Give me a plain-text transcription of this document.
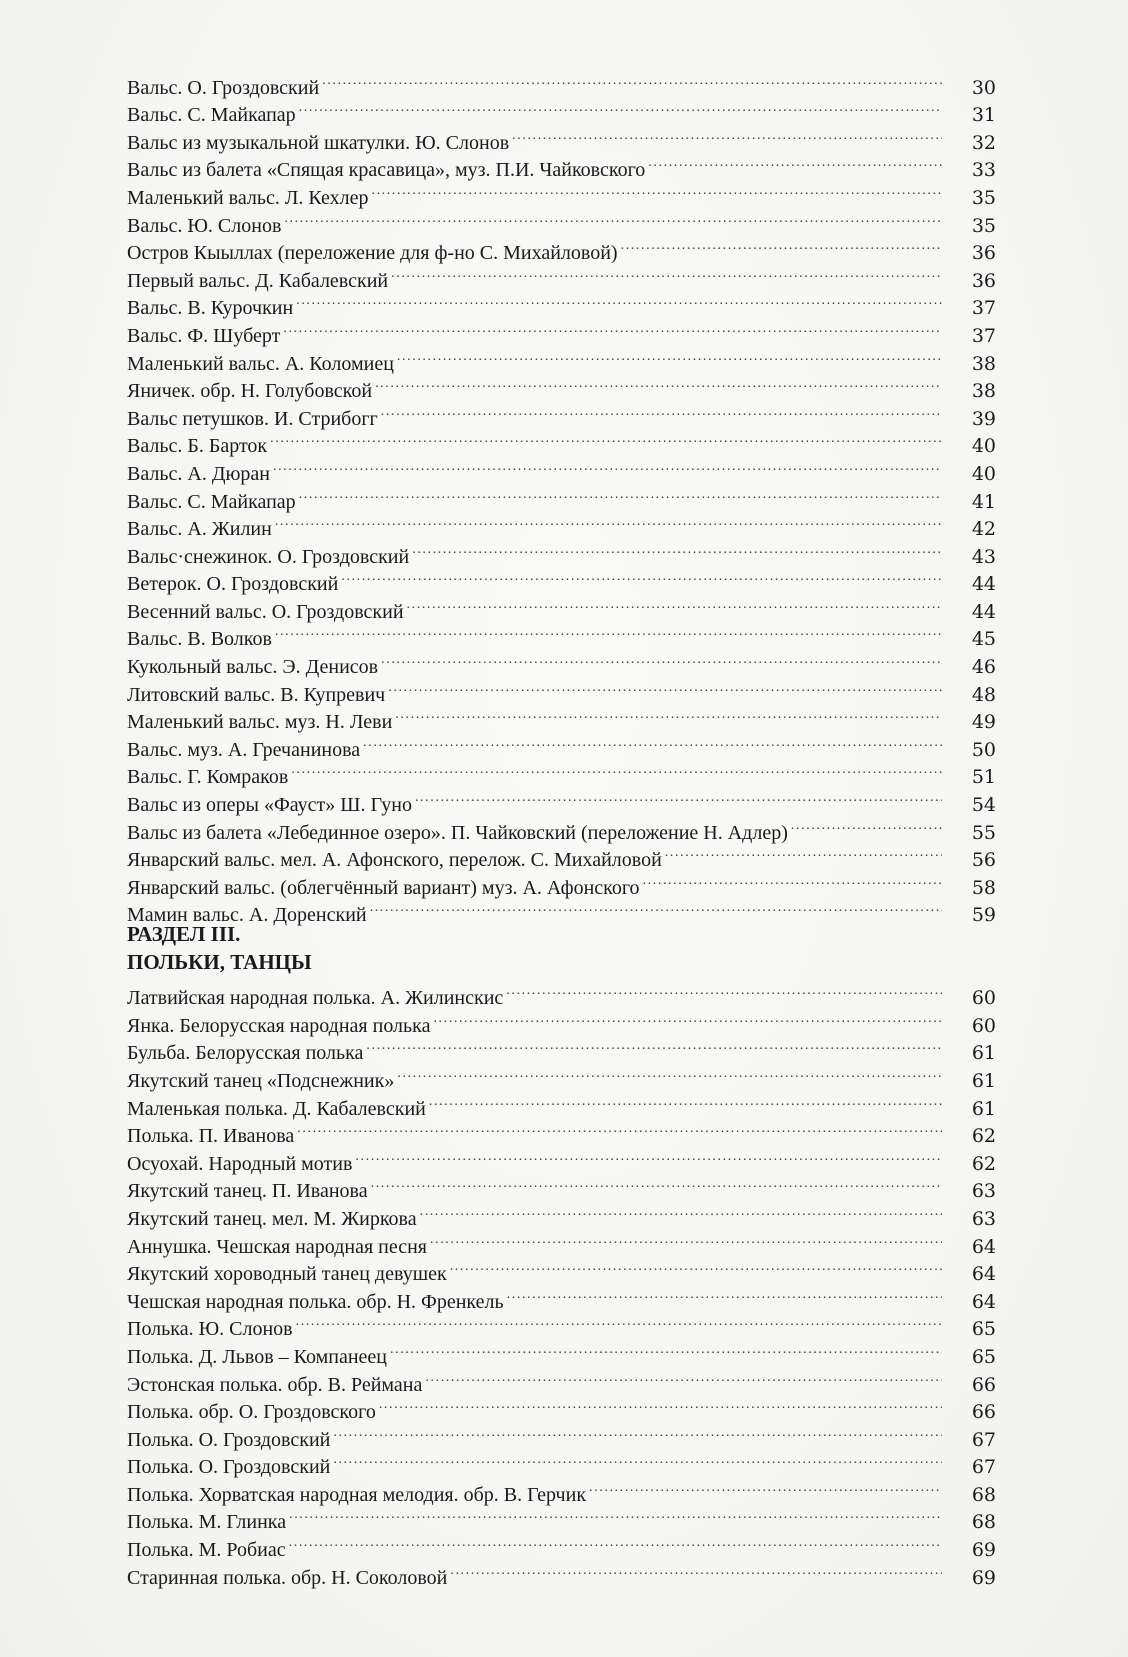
Вальс. О. Гроздовский .....	30
Вальс. С. Майкапар .....	31
Вальс из музыкальной шкатулки. Ю. Слонов .....	32
Вальс из балета «Спящая красавица», муз. П.И. Чайковского .....	33
Маленький вальс. Л. Кехлер .....	35
Вальс. Ю. Слонов .....	35
Остров Кыыллах (переложение для ф-но С. Михайловой) .....	36
Первый вальс. Д. Кабалевский .....	36
Вальс. В. Курочкин .....	37
Вальс. Ф. Шуберт .....	37
Маленький вальс. А. Коломиец .....	38
Яничек. обр. Н. Голубовской .....	38
Вальс петушков. И. Стрибогг .....	39
Вальс. Б. Барток .....	40
Вальс. А. Дюран .....	40
Вальс. С. Майкапар .....	41
Вальс. А. Жилин .....	42
Вальс·снежинок. О. Гроздовский .....	43
Ветерок. О. Гроздовский .....	44
Весенний вальс. О. Гроздовский .....	44
Вальс. В. Волков .....	45
Кукольный вальс. Э. Денисов .....	46
Литовский вальс. В. Купревич .....	48
Маленький вальс. муз. Н. Леви .....	49
Вальс. муз. А. Гречанинова .....	50
Вальс. Г. Комраков .....	51
Вальс из оперы «Фауст» Ш. Гуно .....	54
Вальс из балета «Лебединное озеро». П. Чайковский (переложение Н. Адлер) .....	55
Январский вальс. мел. А. Афонского, перелож. С. Михайловой .....	56
Январский вальс. (облегчённый вариант) муз. А. Афонского .....	58
Мамин вальс. А. Доренский .....	59
РАЗДЕЛ III.
ПОЛЬКИ, ТАНЦЫ
Латвийская народная полька. А. Жилинскис .....	60
Янка. Белорусская народная полька .....	60
Бульба. Белорусская полька .....	61
Якутский танец «Подснежник» .....	61
Маленькая полька. Д. Кабалевский .....	61
Полька. П. Иванова .....	62
Осуохай. Народный мотив .....	62
Якутский танец. П. Иванова .....	63
Якутский танец. мел. М. Жиркова .....	63
Аннушка. Чешская народная песня .....	64
Якутский хороводный танец девушек .....	64
Чешская народная полька. обр. Н. Френкель .....	64
Полька. Ю. Слонов .....	65
Полька. Д. Львов – Компанеец .....	65
Эстонская полька. обр. В. Реймана .....	66
Полька. обр. О. Гроздовского .....	66
Полька. О. Гроздовский .....	67
Полька. О. Гроздовский .....	67
Полька. Хорватская народная мелодия. обр. В. Герчик .....	68
Полька. М. Глинка .....	68
Полька. М. Робиас .....	69
Старинная полька. обр. Н. Соколовой .....	69
